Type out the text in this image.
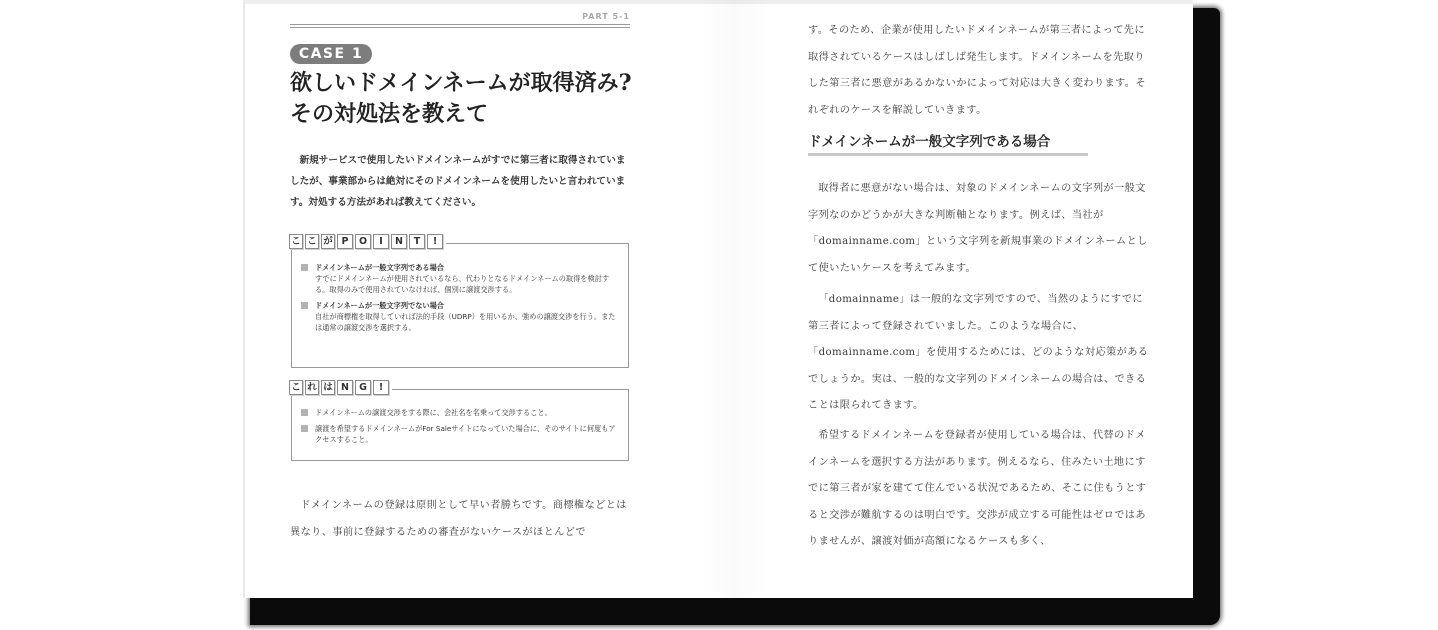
PART 5-1
CASE 1
欲しいドメインネームが取得済み?
その対処法を教えて
新規サービスで使用したいドメインネームがすでに第三者に取得されていましたが、事業部からは絶対にそのドメインネームを使用したいと言われています。対処する方法があれば教えてください。
こ こ が P	O	I	N	T	!
ドメインネームが一般文字列である場合
すでにドメインネームが使用されているなら、代わりとなるドメインネームの取得を検討する。取得のみで使用されていなければ、個別に譲渡交渉する。
ドメインネームが一般文字列でない場合
自社が商標権を取得していれば法的手段（UDRP）を用いるか、強めの譲渡交渉を行う。または通常の譲渡交渉を選択する。
こ れ は N	G	!
ドメインネームの譲渡交渉をする際に、会社名を名乗って交渉すること。
譲渡を希望するドメインネームがFor Saleサイトになっていた場合に、そのサイトに何度もアクセスすること。
ドメインネームの登録は原則として早い者勝ちです。商標権などとは異なり、事前に登録するための審査がないケースがほとんどで
す。そのため、企業が使用したいドメインネームが第三者によって先に取得されているケースはしばしば発生します。ドメインネームを先取りした第三者に悪意があるかないかによって対応は大きく変わります。それぞれのケースを解説していきます。
ドメインネームが一般文字列である場合
取得者に悪意がない場合は、対象のドメインネームの文字列が一般文字列なのかどうかが大きな判断軸となります。例えば、当社が「domainname.com」という文字列を新規事業のドメインネームとして使いたいケースを考えてみます。
「domainname」は一般的な文字列ですので、当然のようにすでに第三者によって登録されていました。このような場合に、「domainname.com」を使用するためには、どのような対応策があるでしょうか。実は、一般的な文字列のドメインネームの場合は、できることは限られてきます。
希望するドメインネームを登録者が使用している場合は、代替のドメインネームを選択する方法があります。例えるなら、住みたい土地にすでに第三者が家を建てて住んでいる状況であるため、そこに住もうとすると交渉が難航するのは明白です。交渉が成立する可能性はゼロではありませんが、譲渡対価が高額になるケースも多く、
